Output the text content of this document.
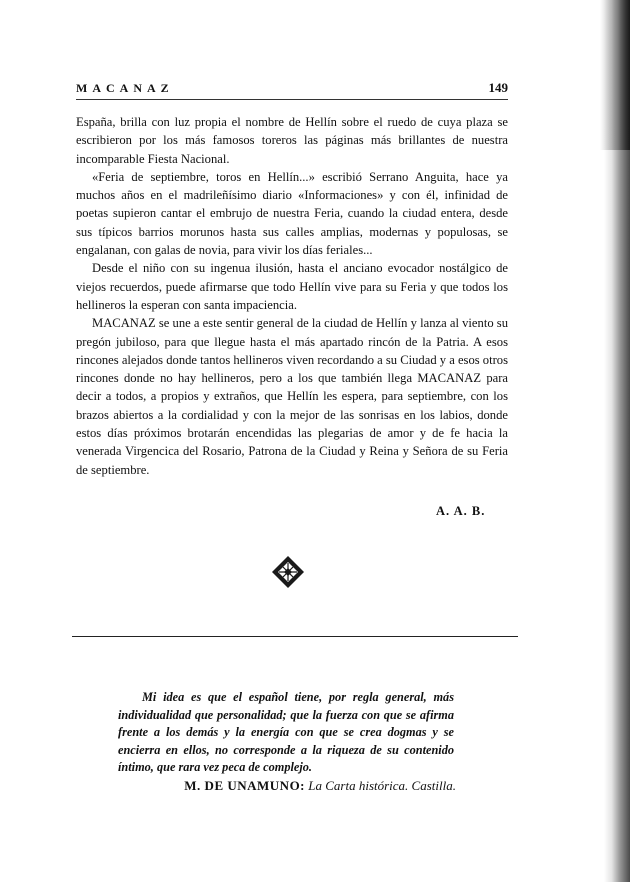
MACANAZ	149

España, brilla con luz propia el nombre de Hellín sobre el ruedo de cuya plaza se escribieron por los más famosos toreros las páginas más brillantes de nuestra incomparable Fiesta Nacional.

«Feria de septiembre, toros en Hellín...» escribió Serrano Anguita, hace ya muchos años en el madrileñísimo diario «Informaciones» y con él, infinidad de poetas supieron cantar el embrujo de nuestra Feria, cuando la ciudad entera, desde sus típicos barrios morunos hasta sus calles amplias, modernas y populosas, se engalanan, con galas de novia, para vivir los días feriales...

Desde el niño con su ingenua ilusión, hasta el anciano evocador nostálgico de viejos recuerdos, puede afirmarse que todo Hellín vive para su Feria y que todos los hellineros la esperan con santa impaciencia.

MACANAZ se une a este sentir general de la ciudad de Hellín y lanza al viento su pregón jubiloso, para que llegue hasta el más apartado rincón de la Patria. A esos rincones alejados donde tantos hellineros viven recordando a su Ciudad y a esos otros rincones donde no hay hellineros, pero a los que también llega MACANAZ para decir a todos, a propios y extraños, que Hellín les espera, para septiembre, con los brazos abiertos a la cordialidad y con la mejor de las sonrisas en los labios, donde estos días próximos brotarán encendidas las plegarias de amor y de fe hacia la venerada Virgencica del Rosario, Patrona de la Ciudad y Reina y Señora de su Feria de septiembre.

A. A. B.

Mi idea es que el español tiene, por regla general, más individualidad que personalidad; que la fuerza con que se afirma frente a los demás y la energía con que se crea dogmas y se encierra en ellos, no corresponde a la riqueza de su contenido íntimo, que rara vez peca de complejo.

M. DE UNAMUNO: La Carta histórica. Castilla.
